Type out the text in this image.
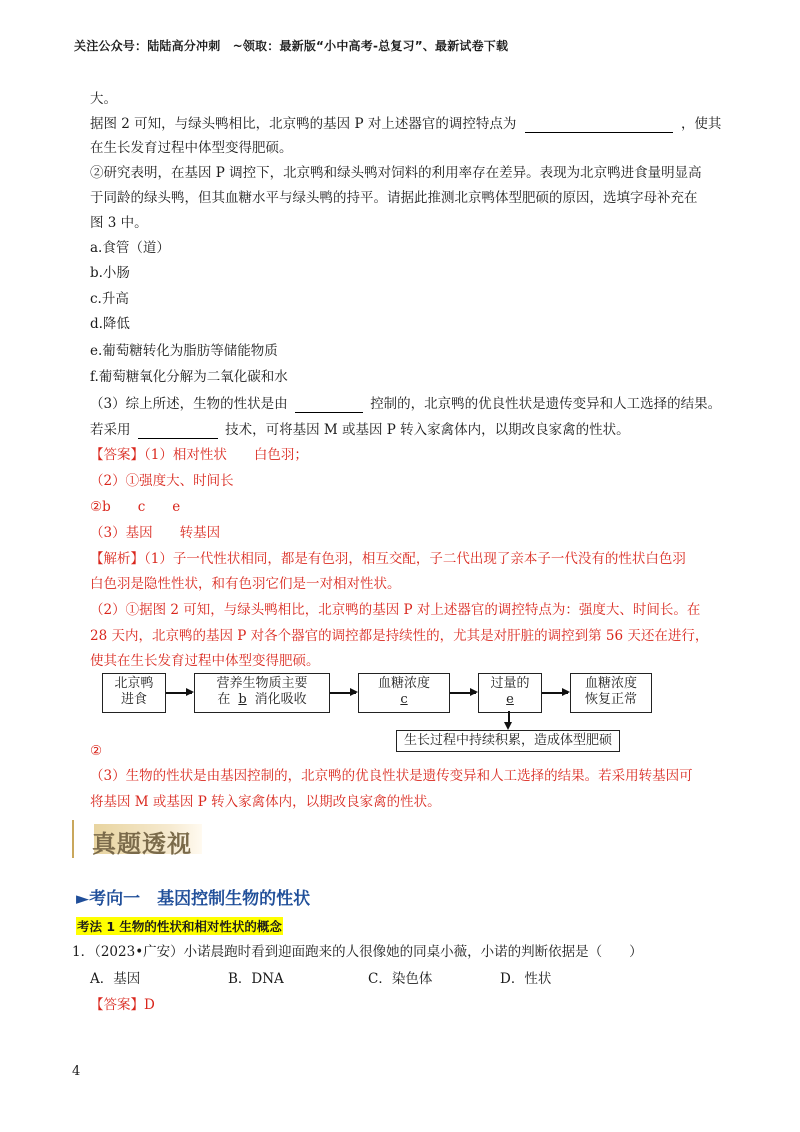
关注公众号：陆陆高分冲刺　~领取：最新版“小中高考-总复习”、最新试卷下载
大。
据图 2 可知，与绿头鸭相比，北京鸭的基因 P 对上述器官的调控特点为	，使其
在生长发育过程中体型变得肥硕。
②研究表明，在基因 P 调控下，北京鸭和绿头鸭对饲料的利用率存在差异。表现为北京鸭进食量明显高
于同龄的绿头鸭，但其血糖水平与绿头鸭的持平。请据此推测北京鸭体型肥硕的原因，选填字母补充在
图 3 中。
a.食管（道）
b.小肠
c.升高
d.降低
e.葡萄糖转化为脂肪等储能物质
f.葡萄糖氧化分解为二氧化碳和水
（3）综上所述，生物的性状是由	控制的，北京鸭的优良性状是遗传变异和人工选择的结果。
若采用	技术，可将基因 M 或基因 P 转入家禽体内，以期改良家禽的性状。
【答案】（1）相对性状　　白色羽；
（2）①强度大、时间长
②b　　c　　e
（3）基因　　转基因
【解析】（1）子一代性状相同，都是有色羽，相互交配，子二代出现了亲本子一代没有的性状白色羽
白色羽是隐性性状，和有色羽它们是一对相对性状。
（2）①据图 2 可知，与绿头鸭相比，北京鸭的基因 P 对上述器官的调控特点为：强度大、时间长。在
28 天内，北京鸭的基因 P 对各个器官的调控都是持续性的，尤其是对肝脏的调控到第 56 天还在进行，
使其在生长发育过程中体型变得肥硕。
北京鸭
进食
营养生物质主要
在 b 消化吸收
血糖浓度
c
过量的
e
血糖浓度
恢复正常
生长过程中持续积累，造成体型肥硕
②
（3）生物的性状是由基因控制的，北京鸭的优良性状是遗传变异和人工选择的结果。若采用转基因可
将基因 M 或基因 P 转入家禽体内，以期改良家禽的性状。
真题透视
►考向一　基因控制生物的性状
考法 1 生物的性状和相对性状的概念
1．（2023•广安）小诺晨跑时看到迎面跑来的人很像她的同桌小薇，小诺的判断依据是（　　）
A．基因	B．DNA	C．染色体	D．性状
【答案】D
4
